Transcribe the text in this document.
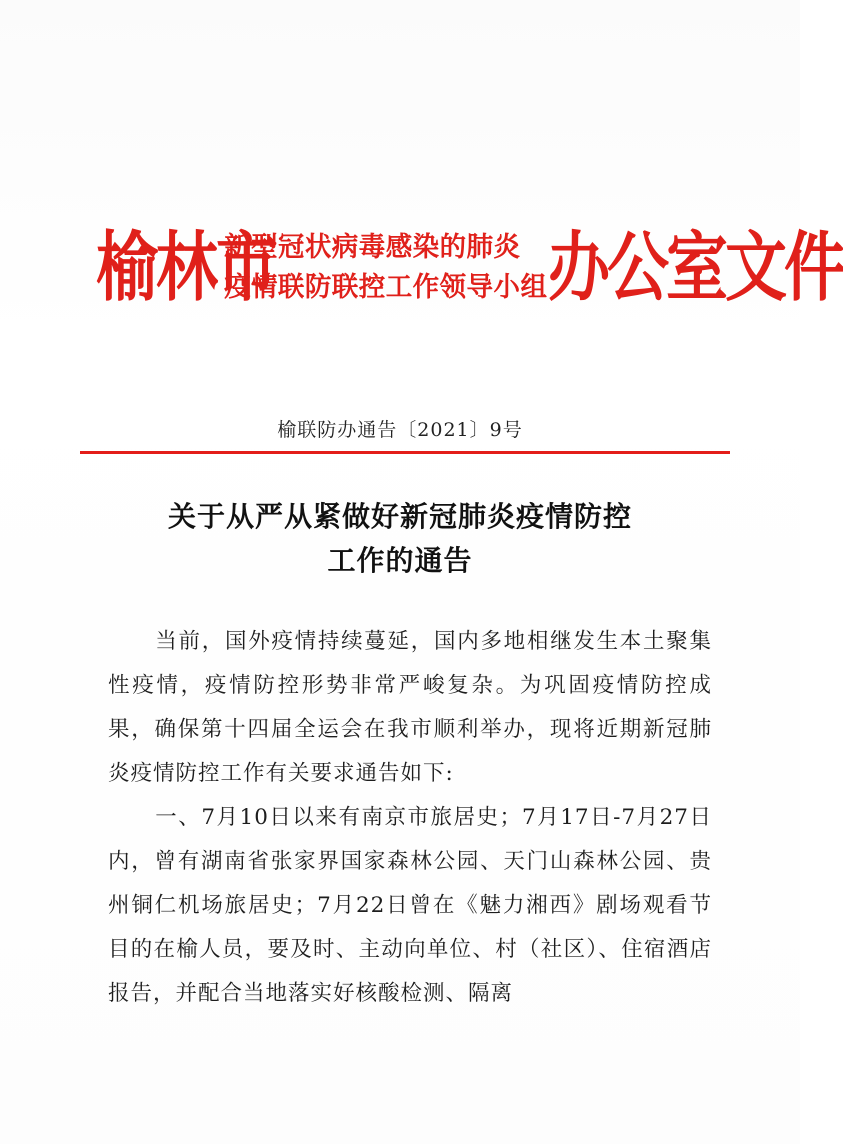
榆林市
新型冠状病毒感染的肺炎
疫情联防联控工作领导小组 办公室文件
榆联防办通告〔2021〕9号
关于从严从紧做好新冠肺炎疫情防控
工作的通告

当前，国外疫情持续蔓延，国内多地相继发生本土聚集性疫情，疫情防控形势非常严峻复杂。为巩固疫情防控成果，确保第十四届全运会在我市顺利举办，现将近期新冠肺炎疫情防控工作有关要求通告如下:

一、7月10日以来有南京市旅居史；7月17日-7月27日内，曾有湖南省张家界国家森林公园、天门山森林公园、贵州铜仁机场旅居史；7月22日曾在《魅力湘西》剧场观看节目的在榆人员，要及时、主动向单位、村（社区）、住宿酒店报告，并配合当地落实好核酸检测、隔离
